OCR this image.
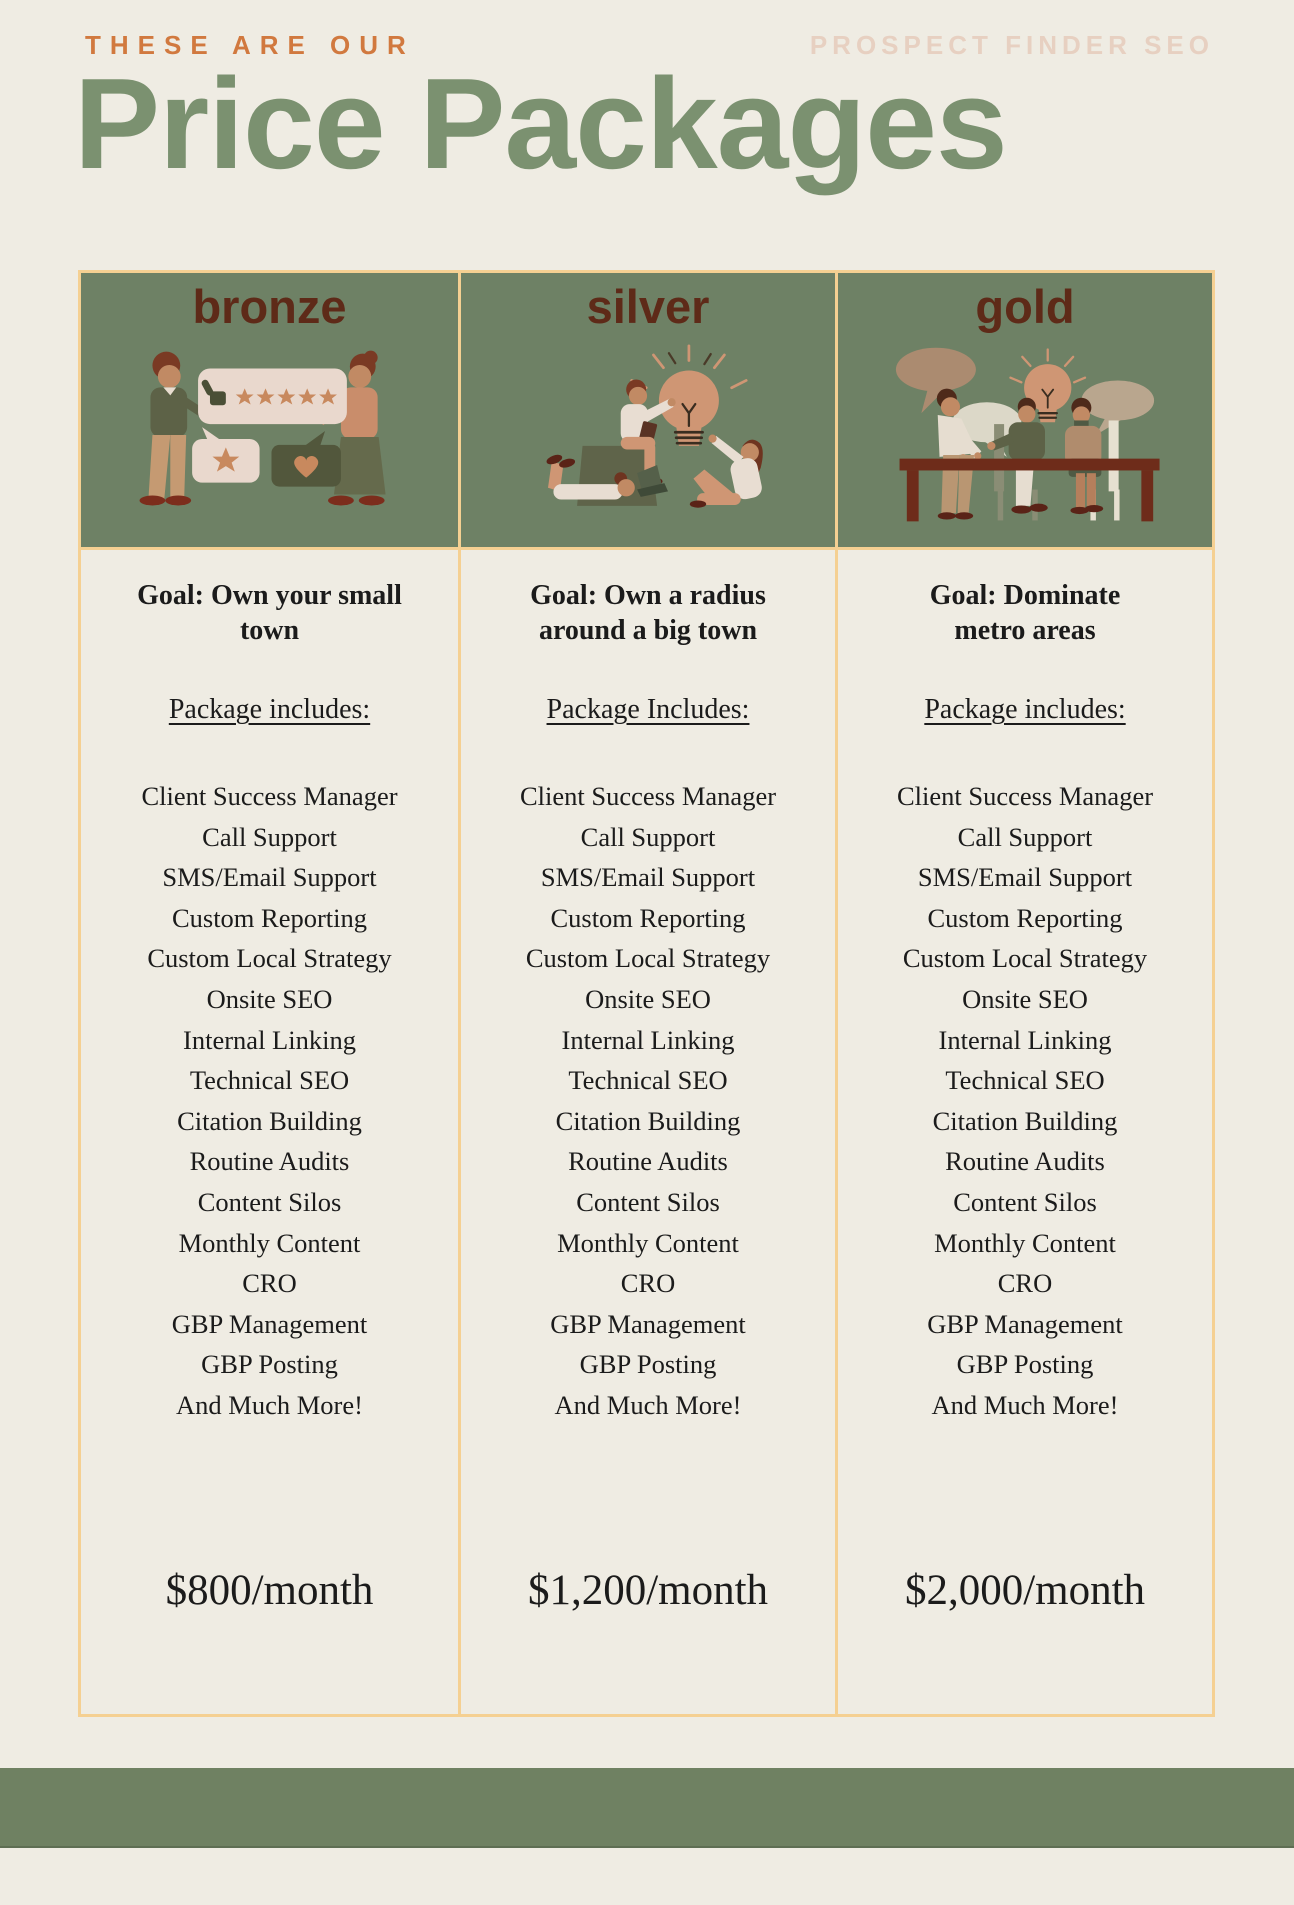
THESE ARE OUR	PROSPECT FINDER SEO
Price Packages
bronze
Goal: Own your small town
Package includes:
Client Success Manager
Call Support
SMS/Email Support
Custom Reporting
Custom Local Strategy
Onsite SEO
Internal Linking
Technical SEO
Citation Building
Routine Audits
Content Silos
Monthly Content
CRO
GBP Management
GBP Posting
And Much More!
$800/month
silver
Goal: Own a radius around a big town
Package Includes:
Client Success Manager
Call Support
SMS/Email Support
Custom Reporting
Custom Local Strategy
Onsite SEO
Internal Linking
Technical SEO
Citation Building
Routine Audits
Content Silos
Monthly Content
CRO
GBP Management
GBP Posting
And Much More!
$1,200/month
gold
Goal: Dominate metro areas
Package includes:
Client Success Manager
Call Support
SMS/Email Support
Custom Reporting
Custom Local Strategy
Onsite SEO
Internal Linking
Technical SEO
Citation Building
Routine Audits
Content Silos
Monthly Content
CRO
GBP Management
GBP Posting
And Much More!
$2,000/month
